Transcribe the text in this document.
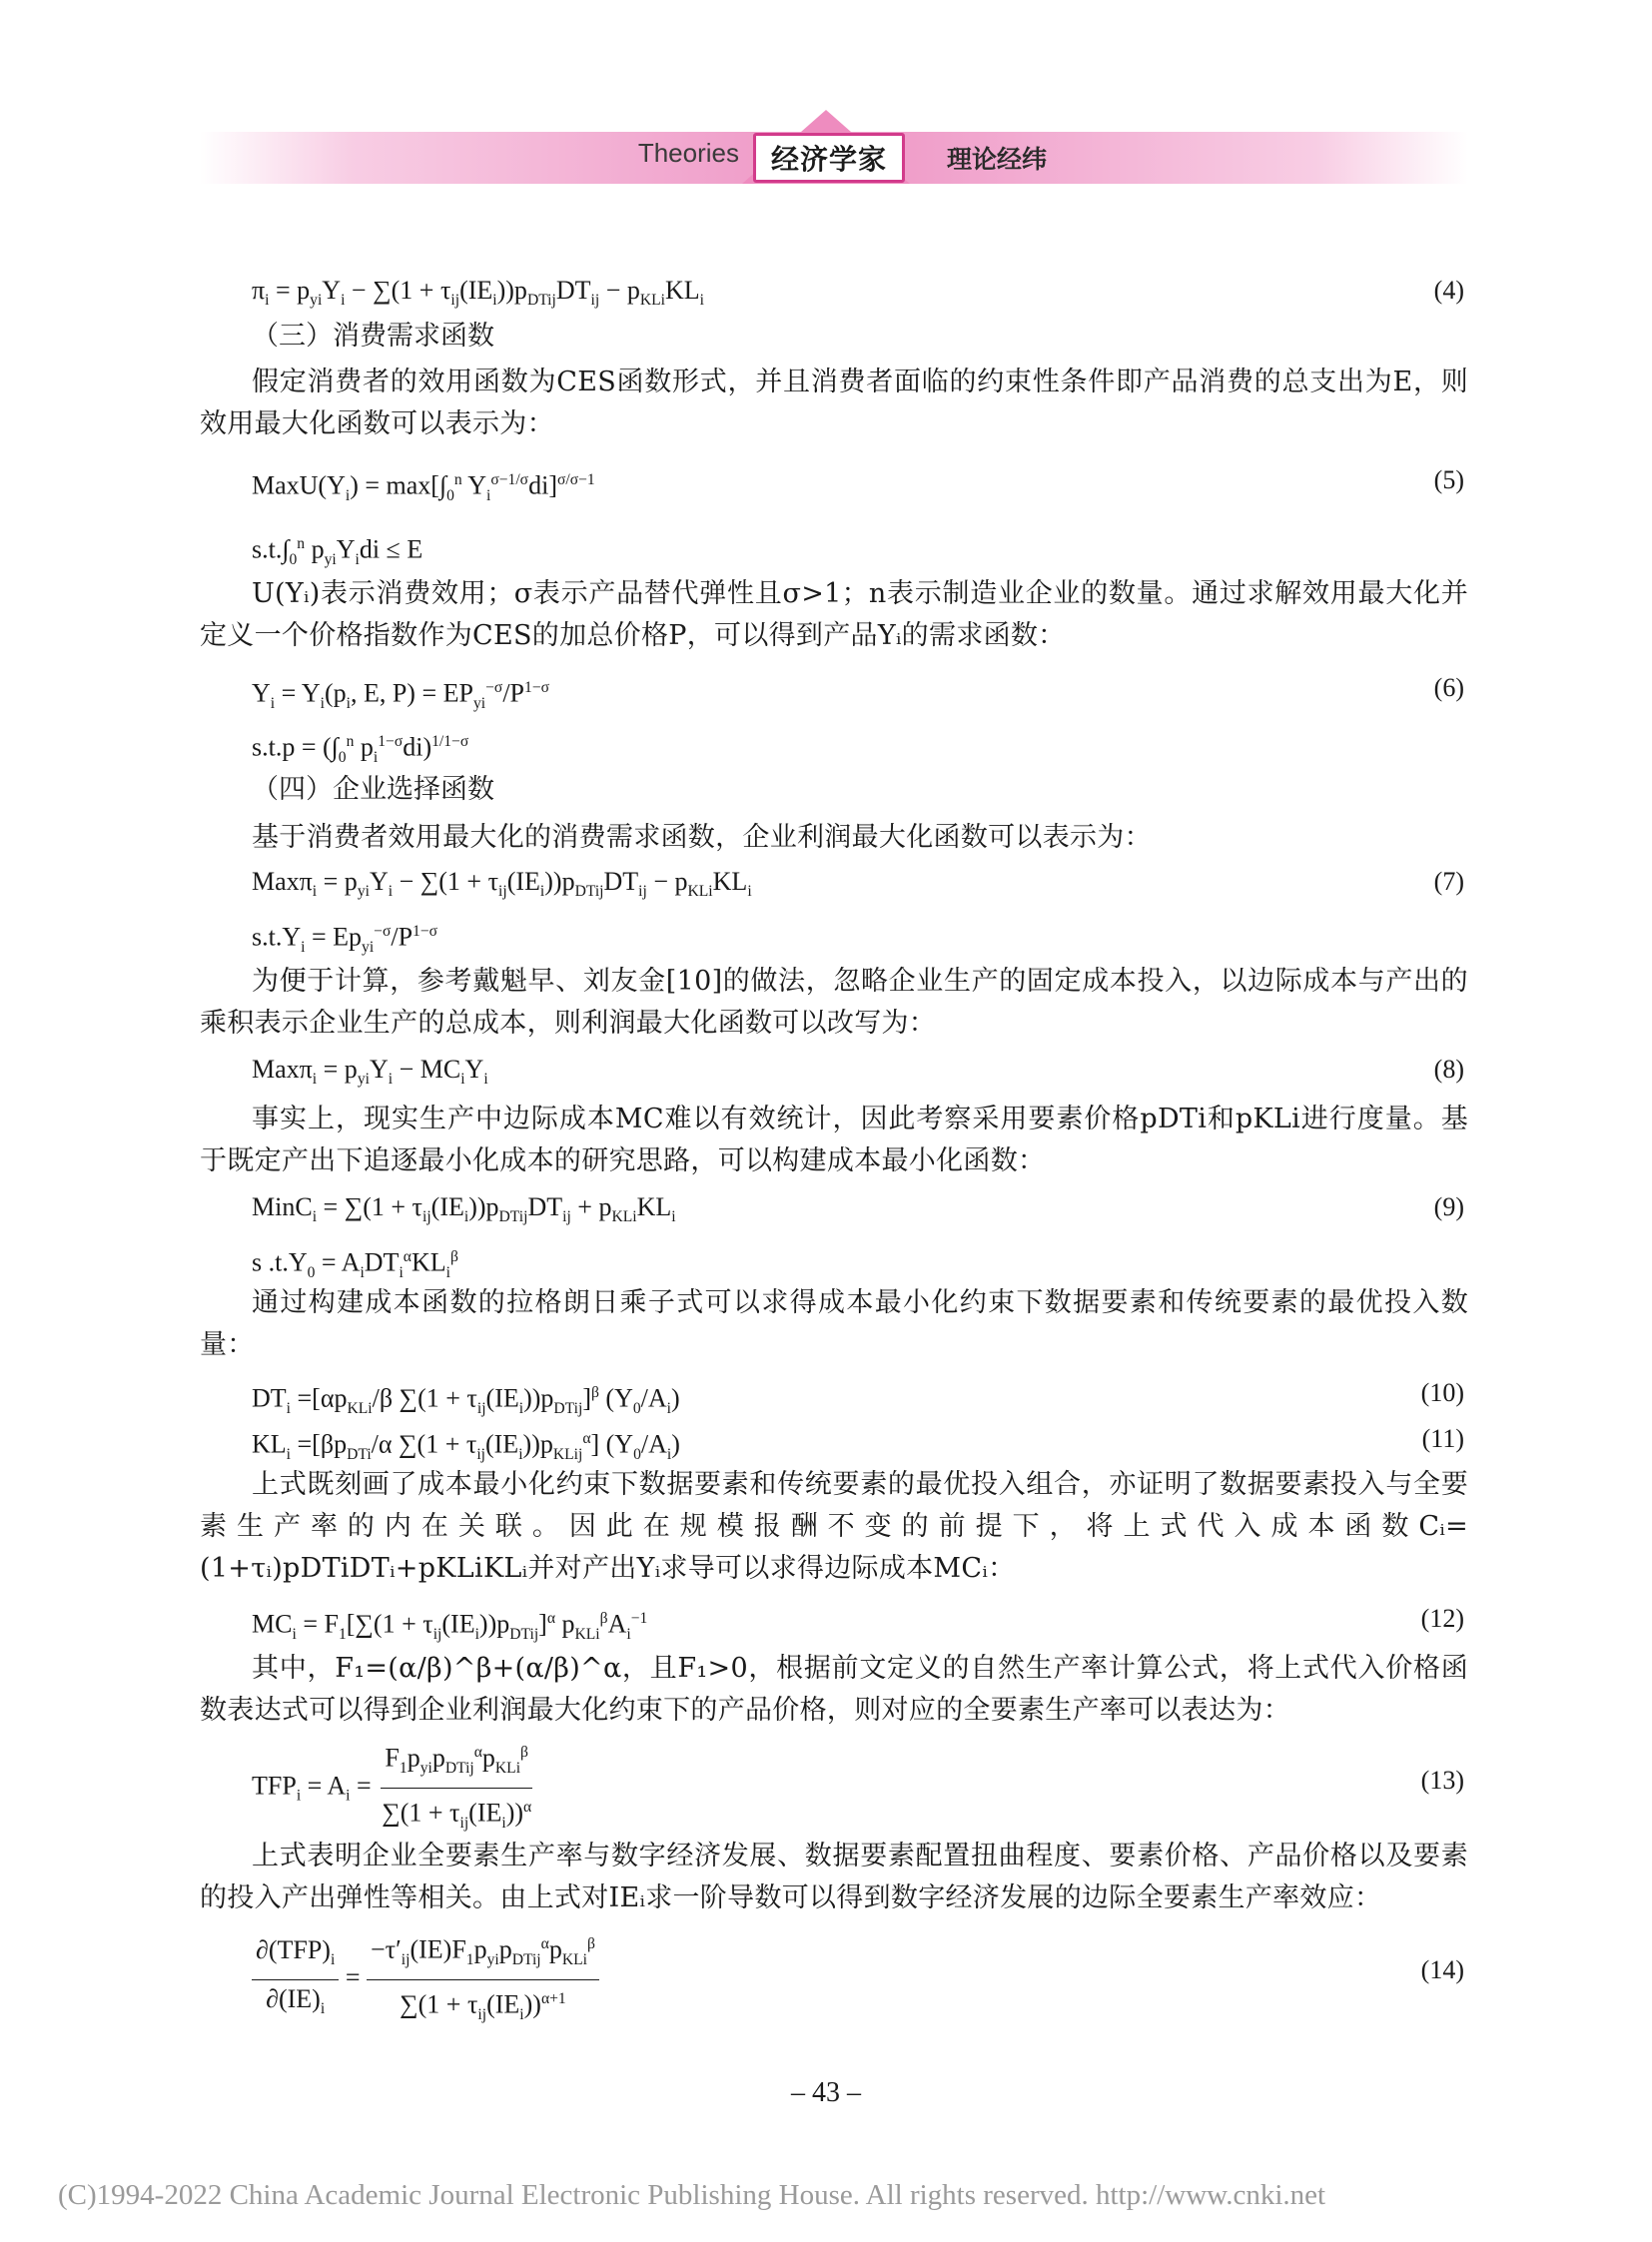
Theories 经济学家 理论经纬
$\pi_i = p_{yi}Y_i - \sum(1 + \tau_{ij}(IE_i))p_{DTij}DT_{ij} - p_{KLi}KL_i$	(4)
（三）消费需求函数
假定消费者的效用函数为CES函数形式，并且消费者面临的约束性条件即产品消费的总支出为E，则效用最大化函数可以表示为：
$MaxU(Y_i) = \max[\int_0^n$ $Y_i^{\sigma-1/\sigma}di]^{\sigma/\sigma-1}$	(5)
$s.t.\int_0^n$ $p_{yi}Y_idi \le E$
U(Yᵢ)表示消费效用；σ表示产品替代弹性且σ>1；n表示制造业企业的数量。通过求解效用最大化并定义一个价格指数作为CES的加总价格P，可以得到产品Yᵢ的需求函数：
$Y_i = Y_i(p_i$, E, $P) = EP_{yi}^{-\sigma}/P^{1-\sigma}$	(6)
$s.t.p = (\int_0^n$ $p_i^{1-\sigma}di)^{1/1-\sigma}$
（四）企业选择函数
基于消费者效用最大化的消费需求函数，企业利润最大化函数可以表示为：
$Max\pi_i = p_{yi}Y_i - \sum(1 + \tau_{ij}(IE_i))p_{DTij}DT_{ij} - p_{KLi}KL_i$	(7)
$s.t.Y_i = Ep_{yi}^{-\sigma}/P^{1-\sigma}$
为便于计算，参考戴魁早、刘友金[10]的做法，忽略企业生产的固定成本投入，以边际成本与产出的乘积表示企业生产的总成本，则利润最大化函数可以改写为：
$Max\pi_i = p_{yi}Y_i - MC_iY_i$	(8)
事实上，现实生产中边际成本MC难以有效统计，因此考察采用要素价格pDTi和pKLi进行度量。基于既定产出下追逐最小化成本的研究思路，可以构建成本最小化函数：
MinC$_i$ = $\sum(1 + \tau_{ij}(IE_i))p_{DTij}DT_{ij} + p_{KLi}KL_i$	(9)
s $.t.Y_0 = A_iDT_i^\alpha KL_i^\beta$
通过构建成本函数的拉格朗日乘子式可以求得成本最小化约束下数据要素和传统要素的最优投入数量：
$DT_i =[\alpha p_{KLi}/\beta$ $\sum(1 + \tau_{ij}(IE_i))p_{DTij}]^\beta$ $(Y_0/A_i)$	(10)
$KL_i =[\beta p_{DTi}/\alpha$ $\sum(1 + \tau_{ij}(IE_i))p_{KLij}^\alpha$] $(Y_0/A_i)$	(11)
上式既刻画了成本最小化约束下数据要素和传统要素的最优投入组合，亦证明了数据要素投入与全要素生产率的内在关联。因此在规模报酬不变的前提下，将上式代入成本函数Cᵢ=(1+τᵢ)pDTiDTᵢ+pKLiKLᵢ并对产出Yᵢ求导可以求得边际成本MCᵢ：
$MC_i = F_1[\sum(1 + \tau_{ij}(IE_i))p_{DTij}]^\alpha$ $p_{KLi}^\beta A_i^{-1}$	(12)
其中，F₁=(α/β)^β+(α/β)^α，且F₁>0，根据前文定义的自然生产率计算公式，将上式代入价格函数表达式可以得到企业利润最大化约束下的产品价格，则对应的全要素生产率可以表达为：
$TFP_i = A_i = \frac{F_1p_{yi}p_{DTij}^\alpha p_{KLi}^\beta}{\sum(1 + \tau_{ij}(IE_i))^\alpha}$	(13)
上式表明企业全要素生产率与数字经济发展、数据要素配置扭曲程度、要素价格、产品价格以及要素的投入产出弹性等相关。由上式对IEᵢ求一阶导数可以得到数字经济发展的边际全要素生产率效应：
$\frac{\partial(TFP)_i}{\partial(IE)_i} = \frac{-\tau'_{ij}(IE)F_1p_{yi}p_{DTij}^\alpha p_{KLi}^\beta}{\sum(1 + \tau_{ij}(IE_i))^{\alpha+1}}$	(14)
– 43 –
(C)1994-2022 China Academic Journal Electronic Publishing House. All rights reserved. http://www.cnki.net
